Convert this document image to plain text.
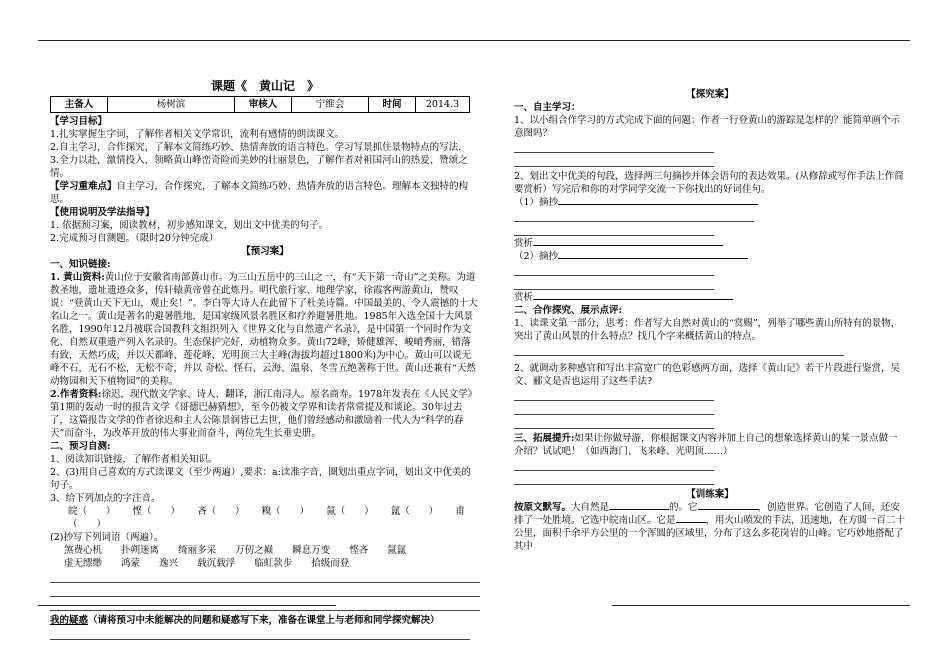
课题《　黄山记　》
主备人	杨树滨	审核人	宁维会	时间	2014.3

【学习目标】

1.扎实掌握生字词，了解作者相关文学常识，流利有感情的朗读课文。

2.自主学习，合作探究，了解本文简练巧妙、热情奔放的语言特色。学习写景抓住景物特点的写法.

3.全力以赴，激情投入，领略黄山峰峦奇险而美妙的壮丽景色，了解作者对祖国河山的热爱、赞颂之情。

【学习重难点】自主学习，合作探究，了解本文简练巧妙、热情奔放的语言特色。理解本文独特的构思。

【使用说明及学法指导】

1. 依据预习案，阅读教材，初步感知课文，划出文中优美的句子。

2.完成预习自测题。（限时20分钟完成）

【预习案】

一、知识链接:

1. 黄山资料:黄山位于安徽省南部黄山市。为三山五岳中的三山之一，有“天下第一奇山”之美称。为道教圣地，遗址遗迹众多，传轩辕黄帝曾在此炼丹。明代旅行家、地理学家，徐霞客两游黄山，赞叹说：“登黄山天下无山，观止矣！”。李白等大诗人在此留下了杜美诗篇。中国最美的、令人震撼的十大名山之一。黄山是著名的避暑胜地，是国家级风景名胜区和疗养避暑胜地。1985年入选全国十大风景名胜，1990年12月被联合国教科文组织列入《世界文化与自然遗产名录》，是中国第一个同时作为文化、自然双重遗产列入名录的。生态保护完好，动植物众多。黄山72峰，矫健雄浑，峻峭秀丽，错落有致，天然巧成，并以天都峰、莲花峰、光明顶三大主峰(海拔均超过1800米)为中心。黄山可以说无峰不石，无石不松，无松不奇，并以 奇松、怪石、云海、温泉、冬雪五绝著称于世。黄山还兼有“天然动物园和天下植物园”的美称。

2.作者资料:徐迟，现代散文学家、诗人、翻译，浙江南浔人。原名商寿。1978年发表在《人民文学》第1期的轰动一时的报告文学《哥德巴赫猜想》，至今仍被文学界和读者常常提及和谈论。30年过去了，这篇报告文学的作者徐迟和主人公陈景润皆已去世，他们曾经感动和激励着一代人为“科学的春天”而奋斗，为改革开放的伟大事业而奋斗，两位先生长垂史册。

二、预习自测:

1、阅读知识链接，了解作者相关知识。

2、(3)用自己喜欢的方式读课文（至少两遍）,要求：a:读准字音，圈划出重点字词，划出文中优美的句子。

3、给下列加点的字注音。

皖（　　） 悭（　　） 吝（　　） 糗（　　） 氤（　　） 氲（　　） 甫（　　）

(2)抄写下列词语（两遍）。

煞费心机 扑朔迷离 绮丽多采 万仞之巅 瞬息万变 悭吝 氤氲

虚无缥缈 鸿蒙 逸兴 载沉载浮 临虹款步 拾级而登

我的疑惑（请将预习中未能解决的问题和疑惑写下来，准备在课堂上与老师和同学探究解决）

【探究案】

一、自主学习：

1、以小组合作学习的方式完成下面的问题：作者一行登黄山的游踪是怎样的？能简单画个示意图吗？

2、划出文中优美的句段，选择两三句摘抄并体会语句的表达效果。(从修辞或写作手法上作简要赏析）写完后和你的对学同学交流一下你找出的好词佳句。

（1）摘抄

赏析

（2）摘抄

赏析

二、合作探究、展示点评:

1、读课文第一部分，思考：作者写大自然对黄山的“赏赐”，列举了哪些黄山所特有的景物，突出了黄山风景的什么特点？找几个字来概括黄山的特点。

2、就调动多种感官和写出丰富宽广的色彩感两方面，选择《黄山记》若干片段进行鉴赏，吴文、郦文是否也运用了这些手法?

三、拓展提升:如果让你做导游，你根据课文内容并加上自己的想象选择黄山的某一景点做一介绍？试试吧！（如西海门、飞来峰、光明顶……）

【训练案】

按原文默写。大自然是	的。它	，创造世界。它创造了人间，还安排了一处胜境。它选中皖南山区。它是	，用火山喷发的手法，迅速地，在方圆一百二十公里，面积千余平方公里的一个浑圆的区域里，分布了这么多花岗岩的山峰。它巧妙地搭配了其中
